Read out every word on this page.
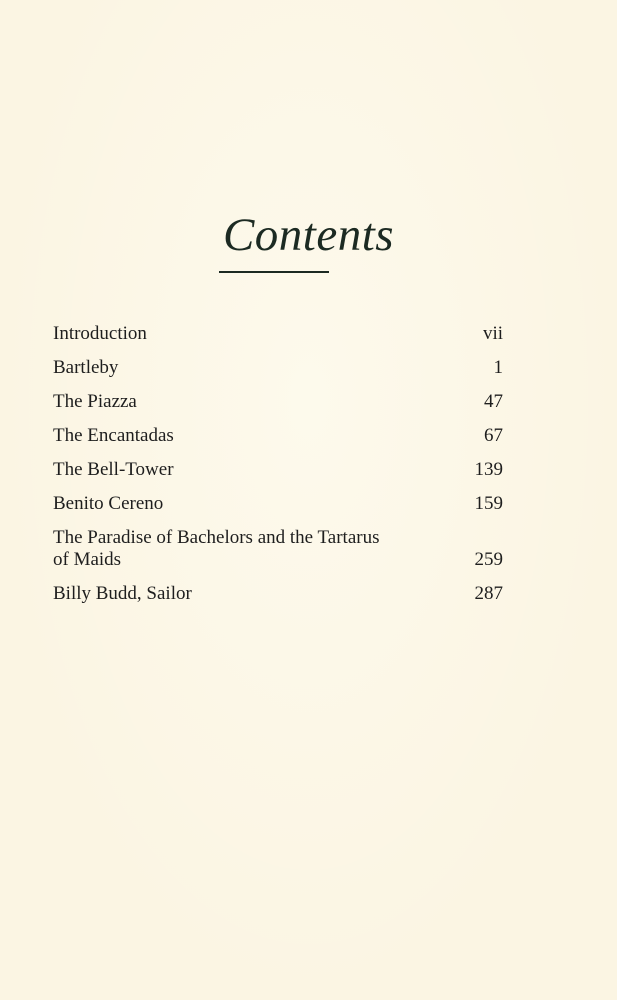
Contents
Introduction	vii
Bartleby	1
The Piazza	47
The Encantadas	67
The Bell-Tower	139
Benito Cereno	159
The Paradise of Bachelors and the Tartarus of Maids	259
Billy Budd, Sailor	287
